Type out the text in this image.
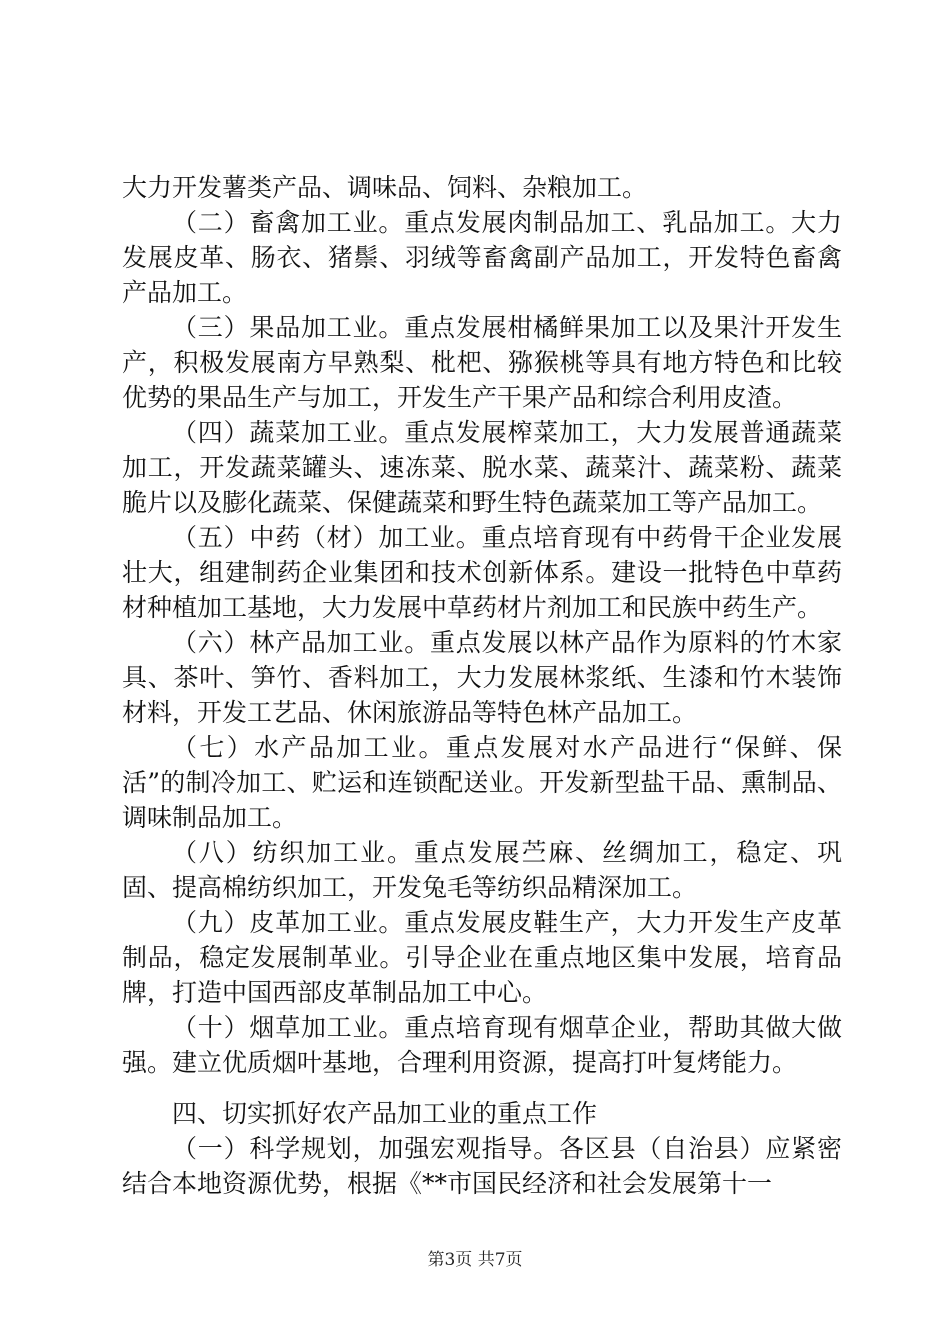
大力开发薯类产品、调味品、饲料、杂粮加工。

（二）畜禽加工业。重点发展肉制品加工、乳品加工。大力发展皮革、肠衣、猪鬃、羽绒等畜禽副产品加工，开发特色畜禽产品加工。

（三）果品加工业。重点发展柑橘鲜果加工以及果汁开发生产，积极发展南方早熟梨、枇杷、猕猴桃等具有地方特色和比较优势的果品生产与加工，开发生产干果产品和综合利用皮渣。

（四）蔬菜加工业。重点发展榨菜加工，大力发展普通蔬菜加工，开发蔬菜罐头、速冻菜、脱水菜、蔬菜汁、蔬菜粉、蔬菜脆片以及膨化蔬菜、保健蔬菜和野生特色蔬菜加工等产品加工。

（五）中药（材）加工业。重点培育现有中药骨干企业发展壮大，组建制药企业集团和技术创新体系。建设一批特色中草药材种植加工基地，大力发展中草药材片剂加工和民族中药生产。

（六）林产品加工业。重点发展以林产品作为原料的竹木家具、茶叶、笋竹、香料加工，大力发展林浆纸、生漆和竹木装饰材料，开发工艺品、休闲旅游品等特色林产品加工。

（七）水产品加工业。重点发展对水产品进行“保鲜、保活”的制冷加工、贮运和连锁配送业。开发新型盐干品、熏制品、调味制品加工。

（八）纺织加工业。重点发展苎麻、丝绸加工，稳定、巩固、提高棉纺织加工，开发兔毛等纺织品精深加工。

（九）皮革加工业。重点发展皮鞋生产，大力开发生产皮革制品，稳定发展制革业。引导企业在重点地区集中发展，培育品牌，打造中国西部皮革制品加工中心。

（十）烟草加工业。重点培育现有烟草企业，帮助其做大做强。建立优质烟叶基地，合理利用资源，提高打叶复烤能力。

四、切实抓好农产品加工业的重点工作

（一）科学规划，加强宏观指导。各区县（自治县）应紧密结合本地资源优势，根据《**市国民经济和社会发展第十一

第3页 共7页
